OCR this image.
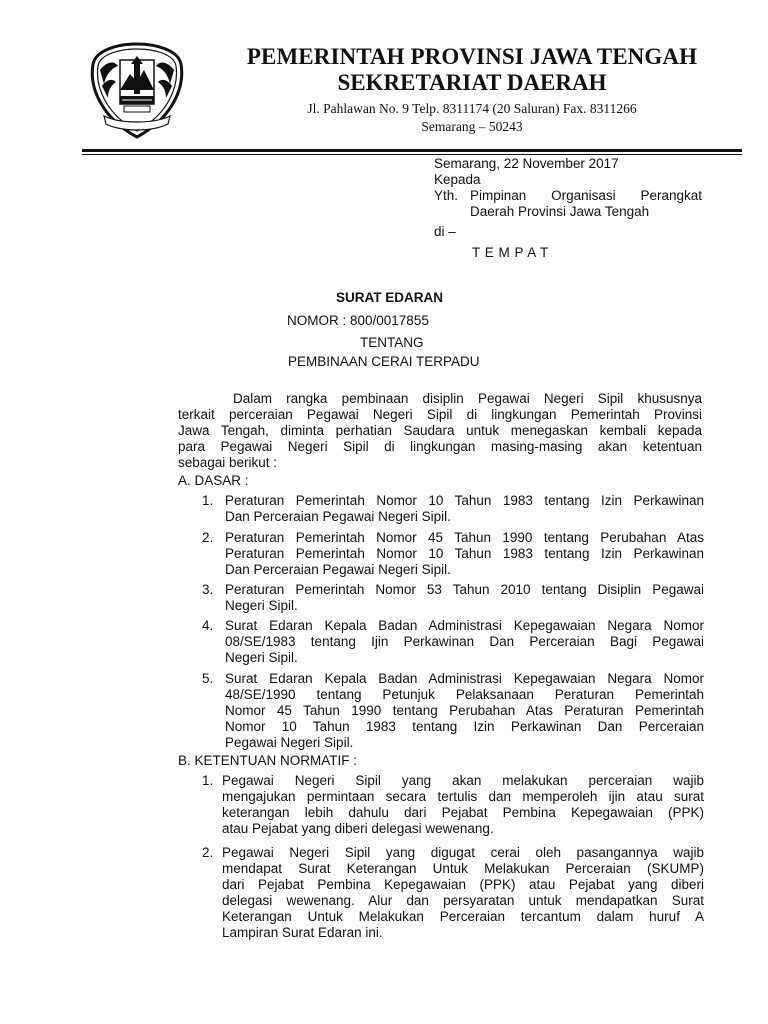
PEMERINTAH PROVINSI JAWA TENGAH
SEKRETARIAT DAERAH
Jl. Pahlawan No. 9 Telp. 8311174 (20 Saluran) Fax. 8311266
Semarang – 50243
Semarang, 22 November 2017
Kepada
Yth. Pimpinan Organisasi Perangkat
Daerah Provinsi Jawa Tengah
di –
T E M P A T
SURAT EDARAN
NOMOR : 800/0017855
TENTANG
PEMBINAAN CERAI TERPADU
Dalam rangka pembinaan disiplin Pegawai Negeri Sipil khususnya
terkait perceraian Pegawai Negeri Sipil di lingkungan Pemerintah Provinsi
Jawa Tengah, diminta perhatian Saudara untuk menegaskan kembali kepada
para Pegawai Negeri Sipil di lingkungan masing-masing akan ketentuan
sebagai berikut :
A. DASAR :
1. Peraturan Pemerintah Nomor 10 Tahun 1983 tentang Izin Perkawinan
Dan Perceraian Pegawai Negeri Sipil.
2. Peraturan Pemerintah Nomor 45 Tahun 1990 tentang Perubahan Atas
Peraturan Pemerintah Nomor 10 Tahun 1983 tentang Izin Perkawinan
Dan Perceraian Pegawai Negeri Sipil.
3. Peraturan Pemerintah Nomor 53 Tahun 2010 tentang Disiplin Pegawai
Negeri Sipil.
4. Surat Edaran Kepala Badan Administrasi Kepegawaian Negara Nomor
08/SE/1983 tentang Ijin Perkawinan Dan Perceraian Bagi Pegawai
Negeri Sipil.
5. Surat Edaran Kepala Badan Administrasi Kepegawaian Negara Nomor
48/SE/1990 tentang Petunjuk Pelaksanaan Peraturan Pemerintah
Nomor 45 Tahun 1990 tentang Perubahan Atas Peraturan Pemerintah
Nomor 10 Tahun 1983 tentang Izin Perkawinan Dan Perceraian
Pegawai Negeri Sipil.
B. KETENTUAN NORMATIF :
1. Pegawai Negeri Sipil yang akan melakukan perceraian wajib
mengajukan permintaan secara tertulis dan memperoleh ijin atau surat
keterangan lebih dahulu dari Pejabat Pembina Kepegawaian (PPK)
atau Pejabat yang diberi delegasi wewenang.
2. Pegawai Negeri Sipil yang digugat cerai oleh pasangannya wajib
mendapat Surat Keterangan Untuk Melakukan Perceraian (SKUMP)
dari Pejabat Pembina Kepegawaian (PPK) atau Pejabat yang diberi
delegasi wewenang. Alur dan persyaratan untuk mendapatkan Surat
Keterangan Untuk Melakukan Perceraian tercantum dalam huruf A
Lampiran Surat Edaran ini.
